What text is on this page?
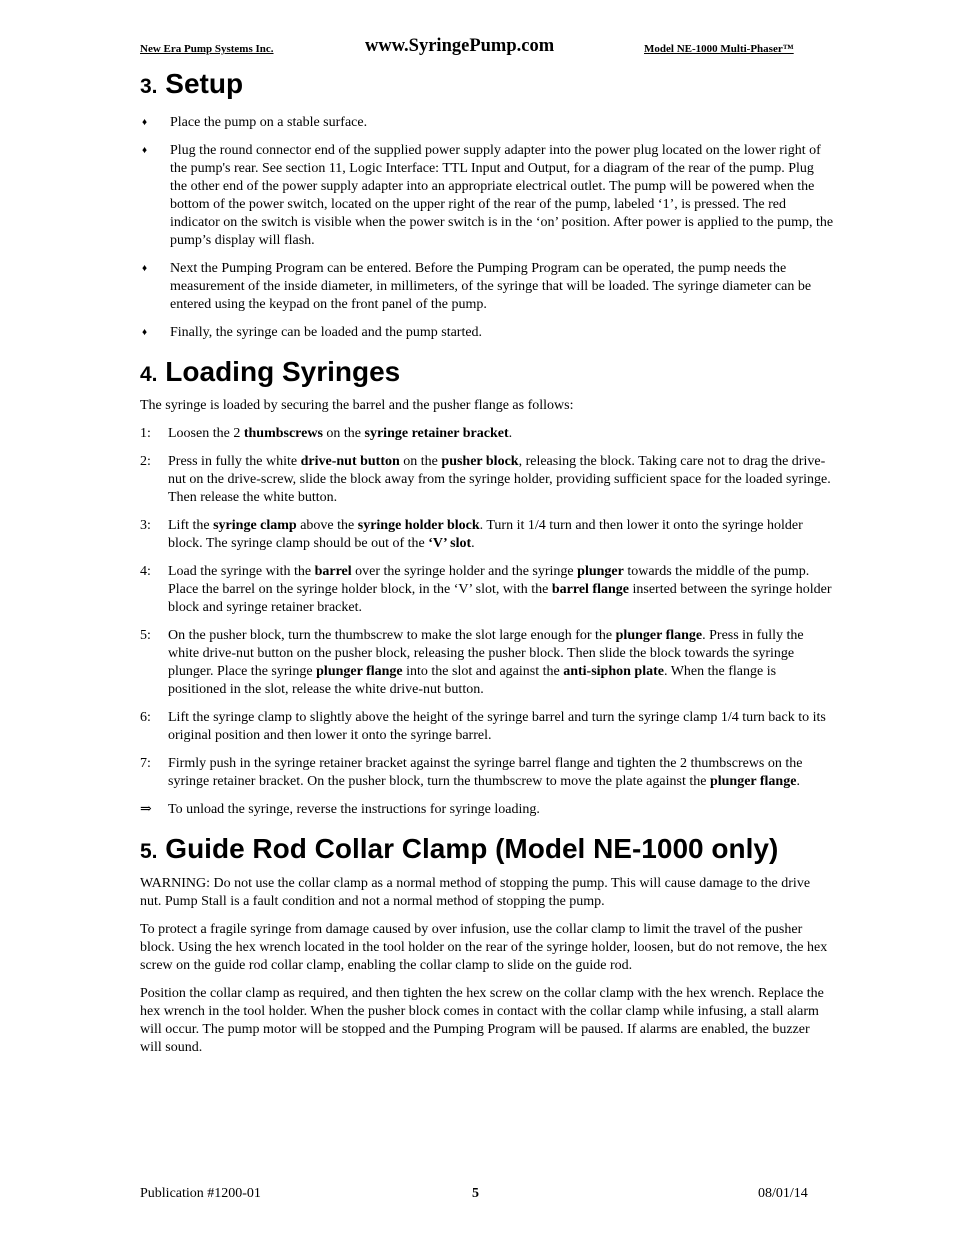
New Era Pump Systems Inc.	www.SyringePump.com	Model NE-1000 Multi-Phaser™
3. Setup
♦	Place the pump on a stable surface.
♦	Plug the round connector end of the supplied power supply adapter into the power plug located on the lower right of the pump's rear. See section 11, Logic Interface: TTL Input and Output, for a diagram of the rear of the pump. Plug the other end of the power supply adapter into an appropriate electrical outlet. The pump will be powered when the bottom of the power switch, located on the upper right of the rear of the pump, labeled ‘1’, is pressed. The red indicator on the switch is visible when the power switch is in the ‘on’ position. After power is applied to the pump, the pump’s display will flash.
♦	Next the Pumping Program can be entered. Before the Pumping Program can be operated, the pump needs the measurement of the inside diameter, in millimeters, of the syringe that will be loaded. The syringe diameter can be entered using the keypad on the front panel of the pump.
♦	Finally, the syringe can be loaded and the pump started.
4. Loading Syringes

The syringe is loaded by securing the barrel and the pusher flange as follows:

1:	Loosen the 2 thumbscrews on the syringe retainer bracket.
2:	Press in fully the white drive-nut button on the pusher block, releasing the block. Taking care not to drag the drive-nut on the drive-screw, slide the block away from the syringe holder, providing sufficient space for the loaded syringe. Then release the white button.
3:	Lift the syringe clamp above the syringe holder block. Turn it 1/4 turn and then lower it onto the syringe holder block. The syringe clamp should be out of the ‘V’ slot.
4:	Load the syringe with the barrel over the syringe holder and the syringe plunger towards the middle of the pump. Place the barrel on the syringe holder block, in the ‘V’ slot, with the barrel flange inserted between the syringe holder block and syringe retainer bracket.
5:	On the pusher block, turn the thumbscrew to make the slot large enough for the plunger flange. Press in fully the white drive-nut button on the pusher block, releasing the pusher block. Then slide the block towards the syringe plunger. Place the syringe plunger flange into the slot and against the anti-siphon plate. When the flange is positioned in the slot, release the white drive-nut button.
6:	Lift the syringe clamp to slightly above the height of the syringe barrel and turn the syringe clamp 1/4 turn back to its original position and then lower it onto the syringe barrel.
7:	Firmly push in the syringe retainer bracket against the syringe barrel flange and tighten the 2 thumbscrews on the syringe retainer bracket. On the pusher block, turn the thumbscrew to move the plate against the plunger flange.
⇒	To unload the syringe, reverse the instructions for syringe loading.
5. Guide Rod Collar Clamp (Model NE-1000 only)

WARNING: Do not use the collar clamp as a normal method of stopping the pump. This will cause damage to the drive nut. Pump Stall is a fault condition and not a normal method of stopping the pump.

To protect a fragile syringe from damage caused by over infusion, use the collar clamp to limit the travel of the pusher block. Using the hex wrench located in the tool holder on the rear of the syringe holder, loosen, but do not remove, the hex screw on the guide rod collar clamp, enabling the collar clamp to slide on the guide rod.

Position the collar clamp as required, and then tighten the hex screw on the collar clamp with the hex wrench. Replace the hex wrench in the tool holder. When the pusher block comes in contact with the collar clamp while infusing, a stall alarm will occur. The pump motor will be stopped and the Pumping Program will be paused. If alarms are enabled, the buzzer will sound.

Publication #1200-01	5	08/01/14
